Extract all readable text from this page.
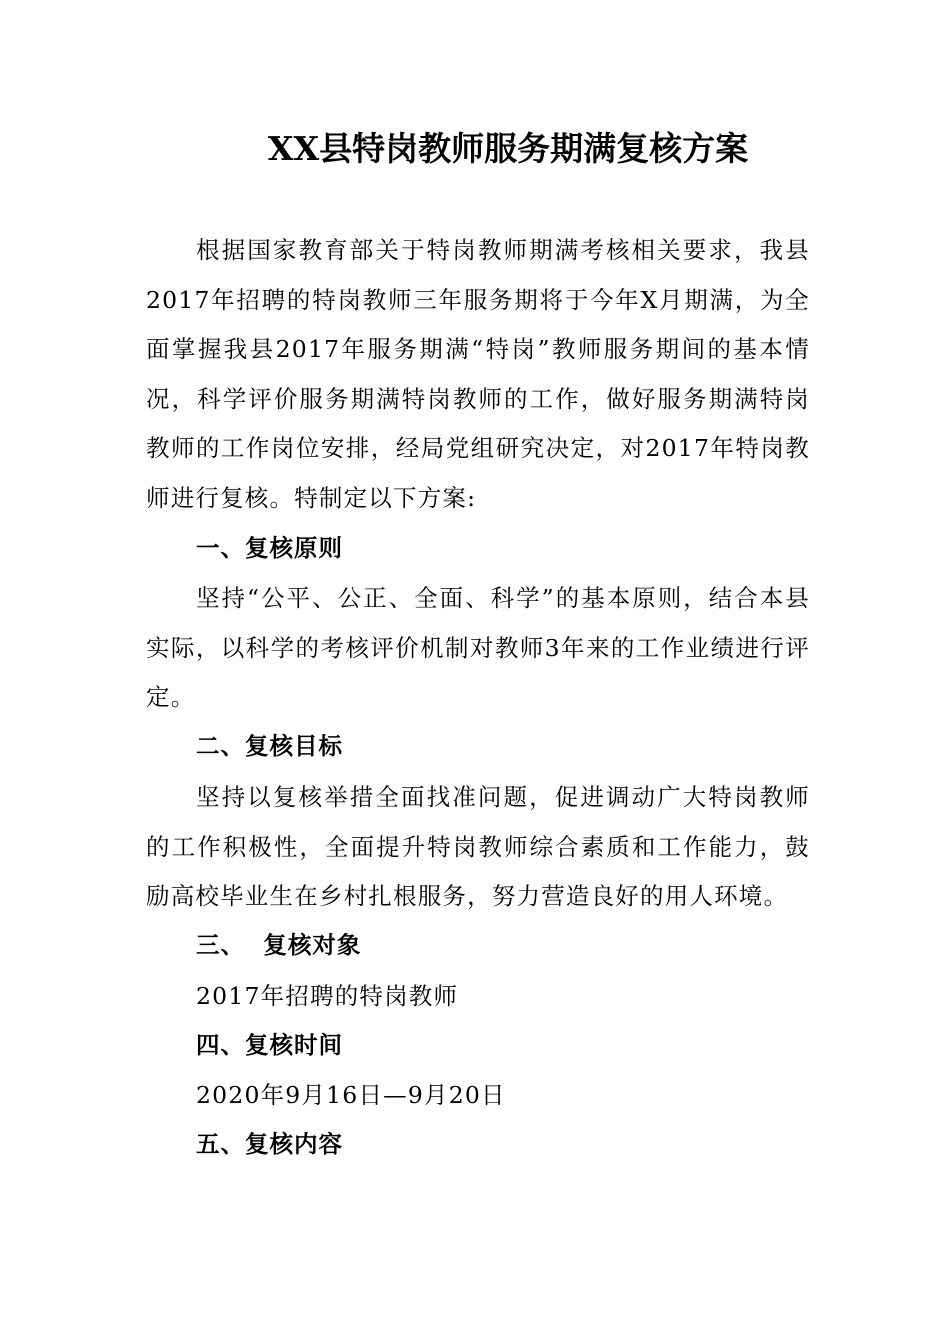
XX县特岗教师服务期满复核方案
根据国家教育部关于特岗教师期满考核相关要求，我县2017年招聘的特岗教师三年服务期将于今年X月期满，为全面掌握我县2017年服务期满“特岗”教师服务期间的基本情况，科学评价服务期满特岗教师的工作，做好服务期满特岗教师的工作岗位安排，经局党组研究决定，对2017年特岗教师进行复核。特制定以下方案:
一、复核原则
坚持“公平、公正、全面、科学”的基本原则，结合本县实际，以科学的考核评价机制对教师3年来的工作业绩进行评定。
二、复核目标
坚持以复核举措全面找准问题，促进调动广大特岗教师的工作积极性，全面提升特岗教师综合素质和工作能力，鼓励高校毕业生在乡村扎根服务，努力营造良好的用人环境。
三、  复核对象
2017年招聘的特岗教师
四、复核时间
2020年9月16日—9月20日
五、复核内容
